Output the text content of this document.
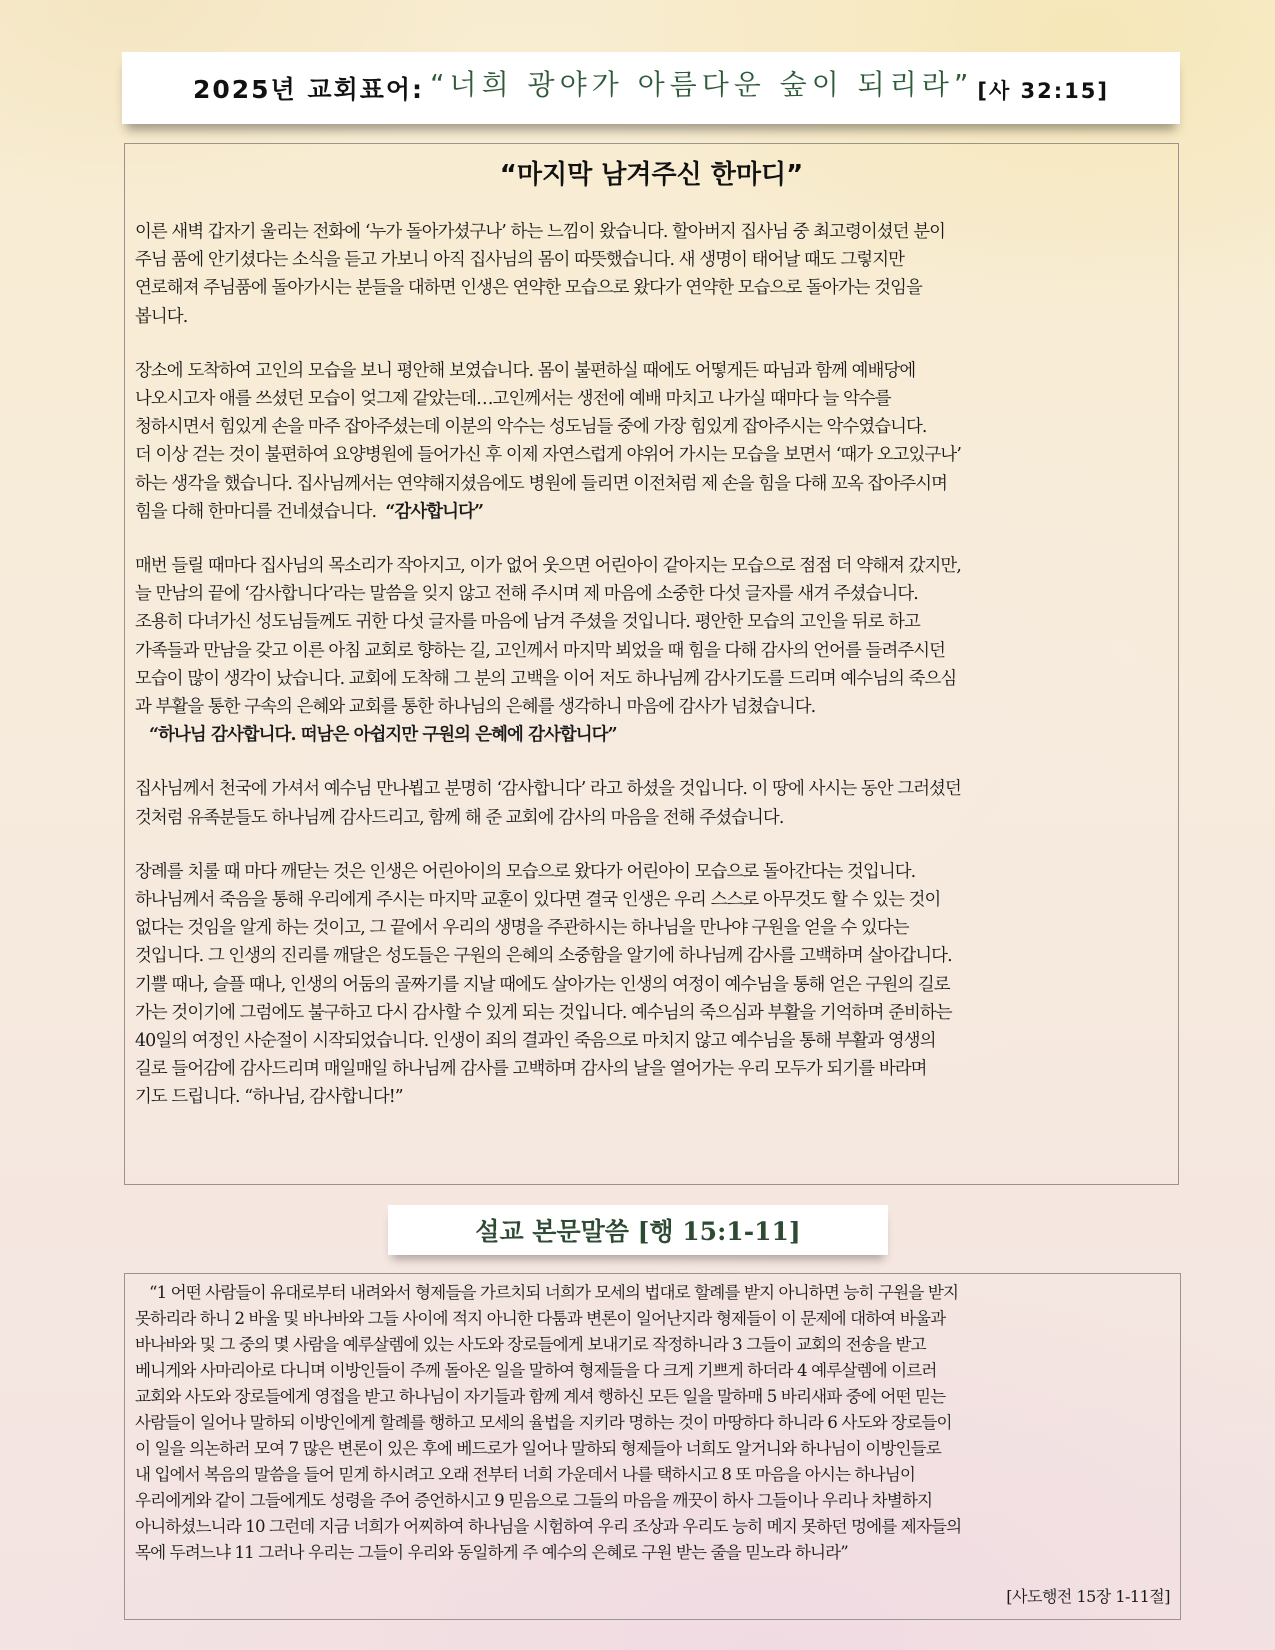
2025년 교회표어: “너희 광야가 아름다운 숲이 되리라” [사 32:15]
“마지막 남겨주신 한마디”
이른 새벽 갑자기 울리는 전화에 ‘누가 돌아가셨구나’ 하는 느낌이 왔습니다. 할아버지 집사님 중 최고령이셨던 분이
주님 품에 안기셨다는 소식을 듣고 가보니 아직 집사님의 몸이 따뜻했습니다. 새 생명이 태어날 때도 그렇지만
연로해져 주님품에 돌아가시는 분들을 대하면 인생은 연약한 모습으로 왔다가 연약한 모습으로 돌아가는 것임을
봅니다.
장소에 도착하여 고인의 모습을 보니 평안해 보였습니다. 몸이 불편하실 때에도 어떻게든 따님과 함께 예배당에
나오시고자 애를 쓰셨던 모습이 엊그제 같았는데…고인께서는 생전에 예배 마치고 나가실 때마다 늘 악수를
청하시면서 힘있게 손을 마주 잡아주셨는데 이분의 악수는 성도님들 중에 가장 힘있게 잡아주시는 악수였습니다.
더 이상 걷는 것이 불편하여 요양병원에 들어가신 후 이제 자연스럽게 야위어 가시는 모습을 보면서 ‘때가 오고있구나’
하는 생각을 했습니다. 집사님께서는 연약해지셨음에도 병원에 들리면 이전처럼 제 손을 힘을 다해 꼬옥 잡아주시며
힘을 다해 한마디를 건네셨습니다. “감사합니다”
매번 들릴 때마다 집사님의 목소리가 작아지고, 이가 없어 웃으면 어린아이 같아지는 모습으로 점점 더 약해져 갔지만,
늘 만남의 끝에 ‘감사합니다’라는 말씀을 잊지 않고 전해 주시며 제 마음에 소중한 다섯 글자를 새겨 주셨습니다.
조용히 다녀가신 성도님들께도 귀한 다섯 글자를 마음에 남겨 주셨을 것입니다. 평안한 모습의 고인을 뒤로 하고
가족들과 만남을 갖고 이른 아침 교회로 향하는 길, 고인께서 마지막 뵈었을 때 힘을 다해 감사의 언어를 들려주시던
모습이 많이 생각이 났습니다. 교회에 도착해 그 분의 고백을 이어 저도 하나님께 감사기도를 드리며 예수님의 죽으심
과 부활을 통한 구속의 은혜와 교회를 통한 하나님의 은혜를 생각하니 마음에 감사가 넘쳤습니다.
“하나님 감사합니다. 떠남은 아쉽지만 구원의 은혜에 감사합니다”
집사님께서 천국에 가셔서 예수님 만나뵙고 분명히 ‘감사합니다’ 라고 하셨을 것입니다. 이 땅에 사시는 동안 그러셨던
것처럼 유족분들도 하나님께 감사드리고, 함께 해 준 교회에 감사의 마음을 전해 주셨습니다.
장례를 치룰 때 마다 깨닫는 것은 인생은 어린아이의 모습으로 왔다가 어린아이 모습으로 돌아간다는 것입니다.
하나님께서 죽음을 통해 우리에게 주시는 마지막 교훈이 있다면 결국 인생은 우리 스스로 아무것도 할 수 있는 것이
없다는 것임을 알게 하는 것이고, 그 끝에서 우리의 생명을 주관하시는 하나님을 만나야 구원을 얻을 수 있다는
것입니다. 그 인생의 진리를 깨달은 성도들은 구원의 은혜의 소중함을 알기에 하나님께 감사를 고백하며 살아갑니다.
기쁠 때나, 슬플 때나, 인생의 어둠의 골짜기를 지날 때에도 살아가는 인생의 여정이 예수님을 통해 얻은 구원의 길로
가는 것이기에 그럼에도 불구하고 다시 감사할 수 있게 되는 것입니다. 예수님의 죽으심과 부활을 기억하며 준비하는
40일의 여정인 사순절이 시작되었습니다. 인생이 죄의 결과인 죽음으로 마치지 않고 예수님을 통해 부활과 영생의
길로 들어감에 감사드리며 매일매일 하나님께 감사를 고백하며 감사의 날을 열어가는 우리 모두가 되기를 바라며
기도 드립니다. “하나님, 감사합니다!”
설교 본문말씀 [행 15:1-11]
“1 어떤 사람들이 유대로부터 내려와서 형제들을 가르치되 너희가 모세의 법대로 할례를 받지 아니하면 능히 구원을 받지
못하리라 하니 2 바울 및 바나바와 그들 사이에 적지 아니한 다툼과 변론이 일어난지라 형제들이 이 문제에 대하여 바울과
바나바와 및 그 중의 몇 사람을 예루살렘에 있는 사도와 장로들에게 보내기로 작정하니라 3 그들이 교회의 전송을 받고
베니게와 사마리아로 다니며 이방인들이 주께 돌아온 일을 말하여 형제들을 다 크게 기쁘게 하더라 4 예루살렘에 이르러
교회와 사도와 장로들에게 영접을 받고 하나님이 자기들과 함께 계셔 행하신 모든 일을 말하매 5 바리새파 중에 어떤 믿는
사람들이 일어나 말하되 이방인에게 할례를 행하고 모세의 율법을 지키라 명하는 것이 마땅하다 하니라 6 사도와 장로들이
이 일을 의논하러 모여 7 많은 변론이 있은 후에 베드로가 일어나 말하되 형제들아 너희도 알거니와 하나님이 이방인들로
내 입에서 복음의 말씀을 들어 믿게 하시려고 오래 전부터 너희 가운데서 나를 택하시고 8 또 마음을 아시는 하나님이
우리에게와 같이 그들에게도 성령을 주어 증언하시고 9 믿음으로 그들의 마음을 깨끗이 하사 그들이나 우리나 차별하지
아니하셨느니라 10 그런데 지금 너희가 어찌하여 하나님을 시험하여 우리 조상과 우리도 능히 메지 못하던 멍에를 제자들의
목에 두려느냐 11 그러나 우리는 그들이 우리와 동일하게 주 예수의 은혜로 구원 받는 줄을 믿노라 하니라”
[사도행전 15장 1-11절]
